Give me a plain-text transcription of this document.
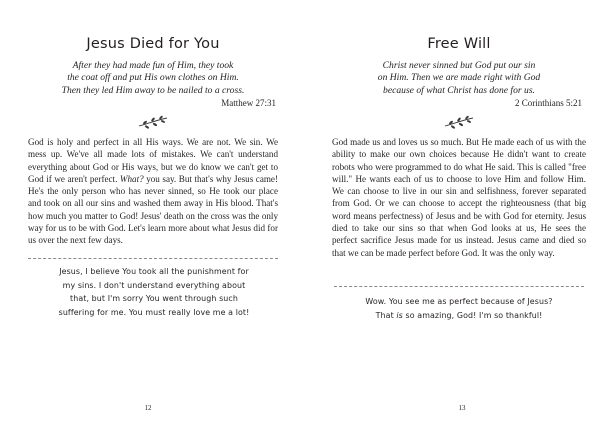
Jesus Died for You
After they had made fun of Him, they took
the coat off and put His own clothes on Him.
Then they led Him away to be nailed to a cross.
Matthew 27:31
God is holy and perfect in all His ways. We are not. We sin. We mess up. We've all made lots of mistakes. We can't understand everything about God or His ways, but we do know we can't get to God if we aren't perfect. What? you say. But that's why Jesus came! He's the only person who has never sinned, so He took our place and took on all our sins and washed them away in His blood. That's how much you matter to God! Jesus' death on the cross was the only way for us to be with God. Let's learn more about what Jesus did for us over the next few days.
Jesus, I believe You took all the punishment for
my sins. I don't understand everything about
that, but I'm sorry You went through such
suffering for me. You must really love me a lot!
12
Free Will
Christ never sinned but God put our sin
on Him. Then we are made right with God
because of what Christ has done for us.
2 Corinthians 5:21
God made us and loves us so much. But He made each of us with the ability to make our own choices because He didn't want to create robots who were programmed to do what He said. This is called "free will." He wants each of us to choose to love Him and follow Him. We can choose to live in our sin and selfishness, forever separated from God. Or we can choose to accept the righteousness (that big word means perfectness) of Jesus and be with God for eternity. Jesus died to take our sins so that when God looks at us, He sees the perfect sacrifice Jesus made for us instead. Jesus came and died so that we can be made perfect before God. It was the only way.
Wow. You see me as perfect because of Jesus?
That is so amazing, God! I'm so thankful!
13
